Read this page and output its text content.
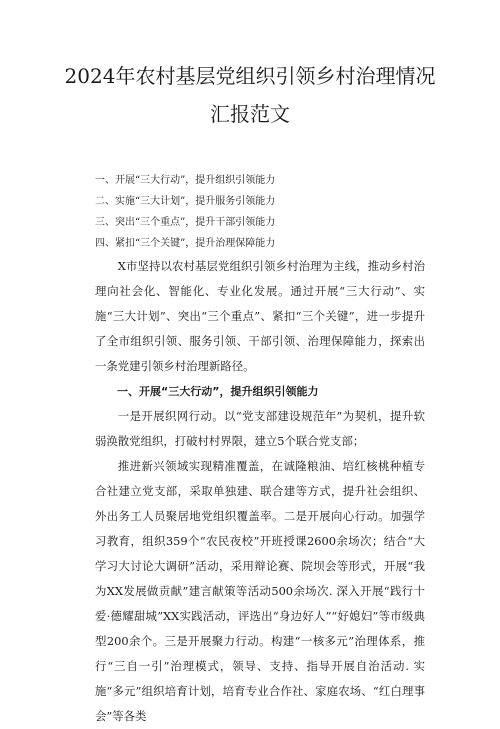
2024年农村基层党组织引领乡村治理情况
汇报范文
一、开展“三大行动”，提升组织引领能力
二、实施“三大计划”，提升服务引领能力
三、突出“三个重点”，提升干部引领能力
四、紧扣“三个关键”，提升治理保障能力

X市坚持以农村基层党组织引领乡村治理为主线，推动乡村治理向社会化、智能化、专业化发展。通过开展“三大行动”、实施“三大计划”、突出“三个重点”、紧扣“三个关键”，进一步提升了全市组织引领、服务引领、干部引领、治理保障能力，探索出一条党建引领乡村治理新路径。

一、开展“三大行动”，提升组织引领能力

一是开展织网行动。以“党支部建设规范年”为契机，提升软弱涣散党组织，打破村村界限，建立5个联合党支部；

推进新兴领域实现精准覆盖，在诚隆粮油、培红核桃种植专合社建立党支部，采取单独建、联合建等方式，提升社会组织、外出务工人员聚居地党组织覆盖率。二是开展向心行动。加强学习教育，组织359个“农民夜校”开班授课2600余场次；结合“大学习大讨论大调研”活动，采用辩论赛、院坝会等形式，开展“我为XX发展做贡献”建言献策等活动500余场次. 深入开展“践行十爱·德耀甜城”XX实践活动，评选出“身边好人”“好媳妇”等市级典型200余个。三是开展聚力行动。构建“一核多元”治理体系，推行“三自一引”治理模式，领导、支持、指导开展自治活动. 实施“多元”组织培育计划，培育专业合作社、家庭农场、“红白理事会”等各类
